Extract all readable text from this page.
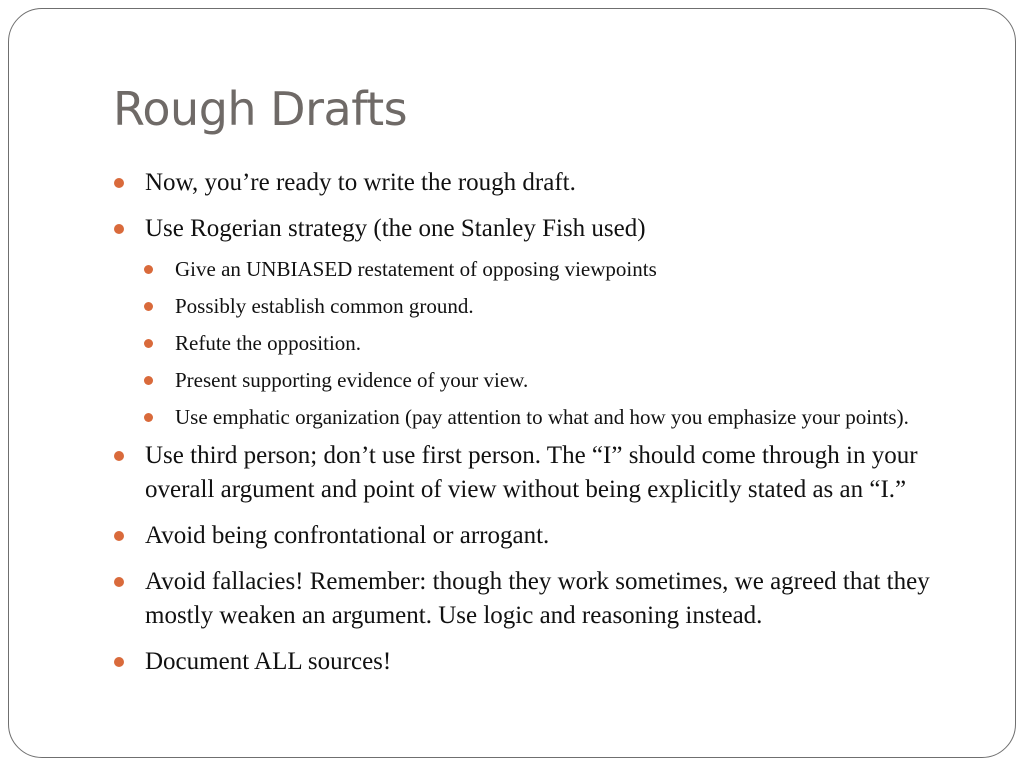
Rough Drafts
Now, you’re ready to write the rough draft.
Use Rogerian strategy (the one Stanley Fish used)
Give an UNBIASED restatement of opposing viewpoints
Possibly establish common ground.
Refute the opposition.
Present supporting evidence of your view.
Use emphatic organization (pay attention to what and how you emphasize your points).
Use third person; don’t use first person. The “I” should come through in your overall argument and point of view without being explicitly stated as an “I.”
Avoid being confrontational or arrogant.
Avoid fallacies! Remember: though they work sometimes, we agreed that they mostly weaken an argument. Use logic and reasoning instead.
Document ALL sources!
